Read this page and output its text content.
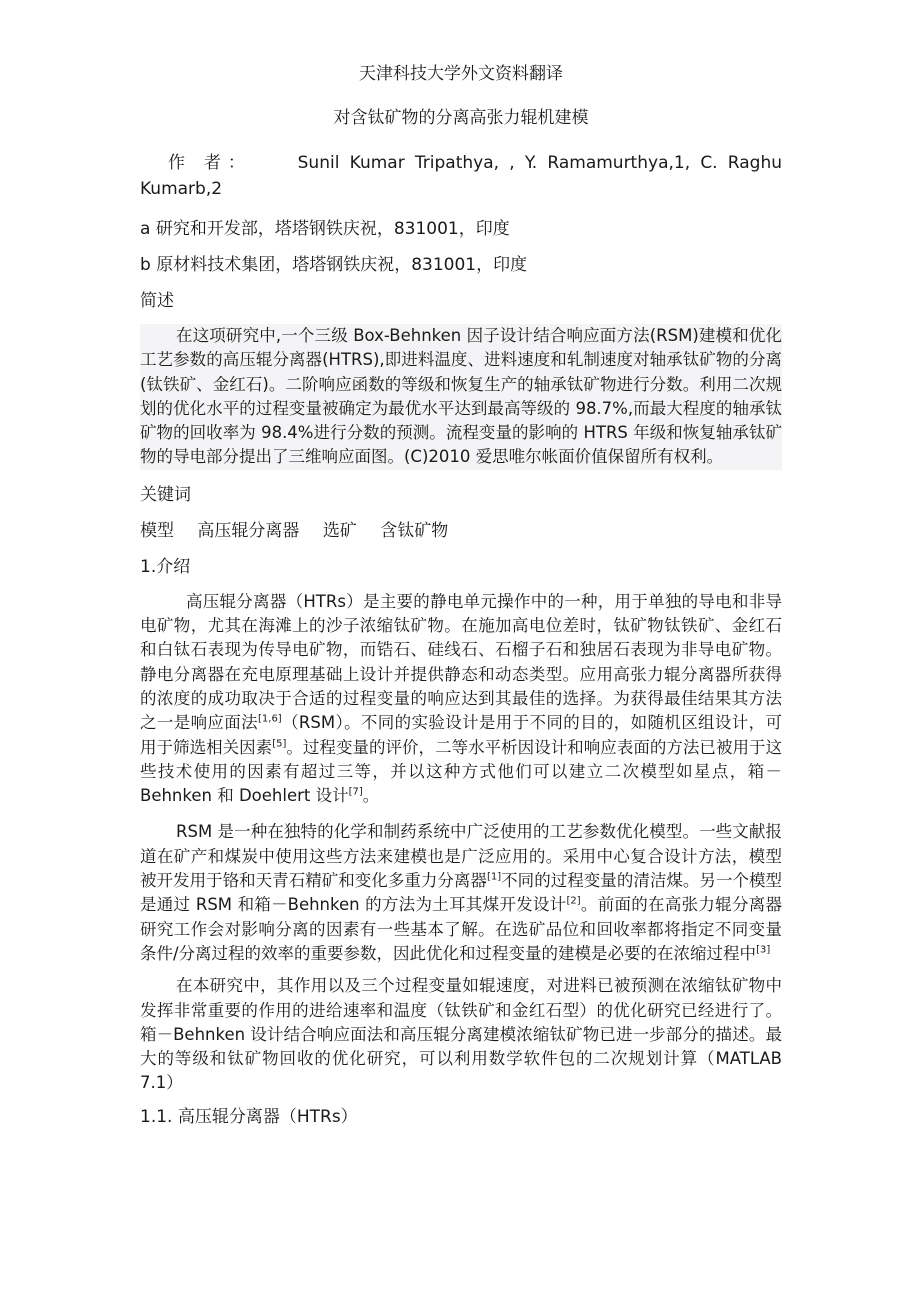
天津科技大学外文资料翻译
对含钛矿物的分离高张力辊机建模
作 者：	Sunil Kumar Tripathya, , Y. Ramamurthya,1, C. Raghu Kumarb,2
a 研究和开发部，塔塔钢铁庆祝，831001，印度
b 原材料技术集团，塔塔钢铁庆祝，831001，印度
简述

在这项研究中,一个三级 Box-Behnken 因子设计结合响应面方法(RSM)建模和优化工艺参数的高压辊分离器(HTRS),即进料温度、进料速度和轧制速度对轴承钛矿物的分离(钛铁矿、金红石)。二阶响应函数的等级和恢复生产的轴承钛矿物进行分数。利用二次规划的优化水平的过程变量被确定为最优水平达到最高等级的 98.7%,而最大程度的轴承钛矿物的回收率为 98.4%进行分数的预测。流程变量的影响的 HTRS 年级和恢复轴承钛矿物的导电部分提出了三维响应面图。(C)2010 爱思唯尔帐面价值保留所有权利。

关键词
模型 高压辊分离器 选矿 含钛矿物
1.介绍

高压辊分离器（HTRs）是主要的静电单元操作中的一种，用于单独的导电和非导电矿物，尤其在海滩上的沙子浓缩钛矿物。在施加高电位差时，钛矿物钛铁矿、金红石和白钛石表现为传导电矿物，而锆石、硅线石、石榴子石和独居石表现为非导电矿物。静电分离器在充电原理基础上设计并提供静态和动态类型。应用高张力辊分离器所获得的浓度的成功取决于合适的过程变量的响应达到其最佳的选择。为获得最佳结果其方法之一是响应面法[1,6]（RSM）。不同的实验设计是用于不同的目的，如随机区组设计，可用于筛选相关因素[5]。过程变量的评价，二等水平析因设计和响应表面的方法已被用于这些技术使用的因素有超过三等，并以这种方式他们可以建立二次模型如星点，箱－Behnken 和 Doehlert 设计[7]。

RSM 是一种在独特的化学和制药系统中广泛使用的工艺参数优化模型。一些文献报道在矿产和煤炭中使用这些方法来建模也是广泛应用的。采用中心复合设计方法，模型被开发用于铬和天青石精矿和变化多重力分离器[1]不同的过程变量的清洁煤。另一个模型是通过 RSM 和箱－Behnken 的方法为土耳其煤开发设计[2]。前面的在高张力辊分离器研究工作会对影响分离的因素有一些基本了解。在选矿品位和回收率都将指定不同变量条件/分离过程的效率的重要参数，因此优化和过程变量的建模是必要的在浓缩过程中[3]

在本研究中，其作用以及三个过程变量如辊速度，对进料已被预测在浓缩钛矿物中发挥非常重要的作用的进给速率和温度（钛铁矿和金红石型）的优化研究已经进行了。箱－Behnken 设计结合响应面法和高压辊分离建模浓缩钛矿物已进一步部分的描述。最大的等级和钛矿物回收的优化研究，可以利用数学软件包的二次规划计算（MATLAB 7.1）

1.1. 高压辊分离器（HTRs）
